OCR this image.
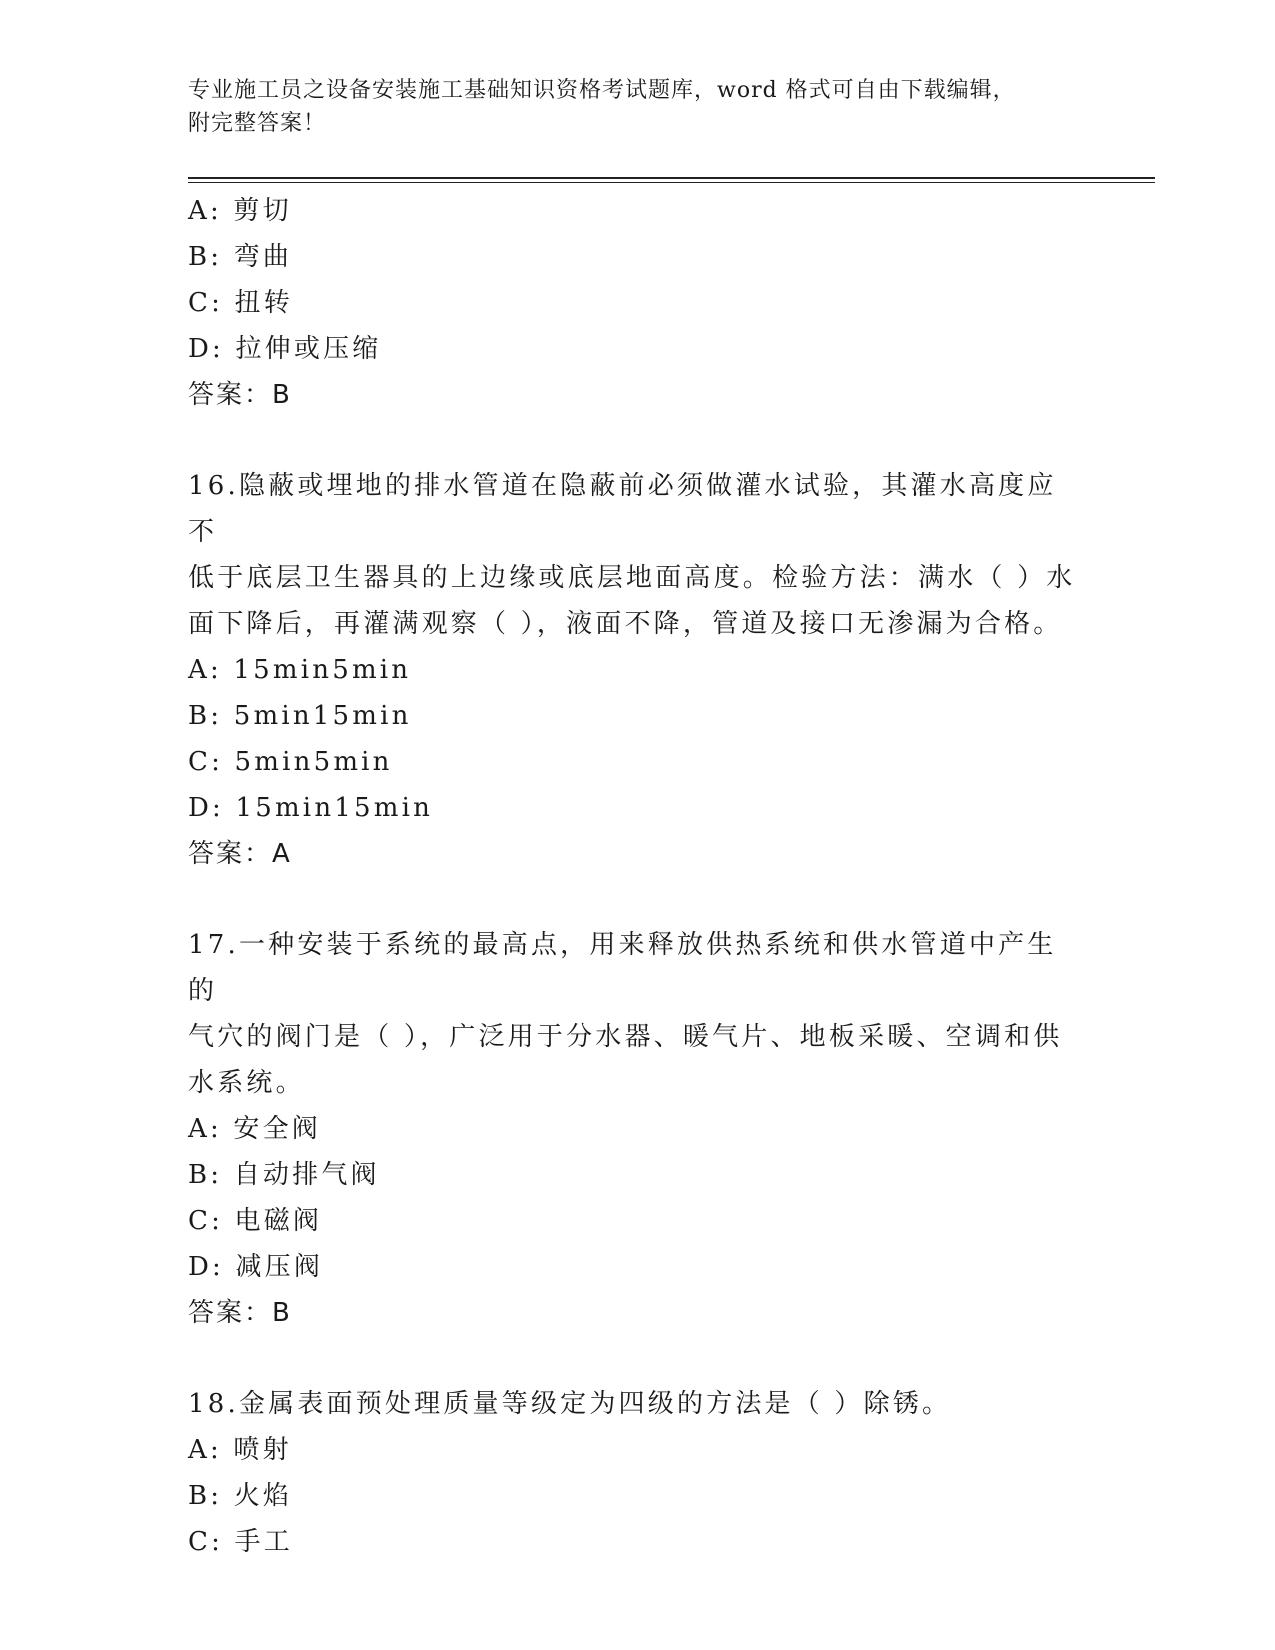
专业施工员之设备安装施工基础知识资格考试题库，word 格式可自由下载编辑，
附完整答案！
A: 剪切
B: 弯曲
C: 扭转
D: 拉伸或压缩
答案：B
16.隐蔽或埋地的排水管道在隐蔽前必须做灌水试验，其灌水高度应不
低于底层卫生器具的上边缘或底层地面高度。检验方法：满水（ ）水
面下降后，再灌满观察（ ），液面不降，管道及接口无渗漏为合格。
A: 15min5min
B: 5min15min
C: 5min5min
D: 15min15min
答案：A
17.一种安装于系统的最高点，用来释放供热系统和供水管道中产生的
气穴的阀门是（ ），广泛用于分水器、暖气片、地板采暖、空调和供
水系统。
A: 安全阀
B: 自动排气阀
C: 电磁阀
D: 减压阀
答案：B
18.金属表面预处理质量等级定为四级的方法是（ ）除锈。
A: 喷射
B: 火焰
C: 手工
